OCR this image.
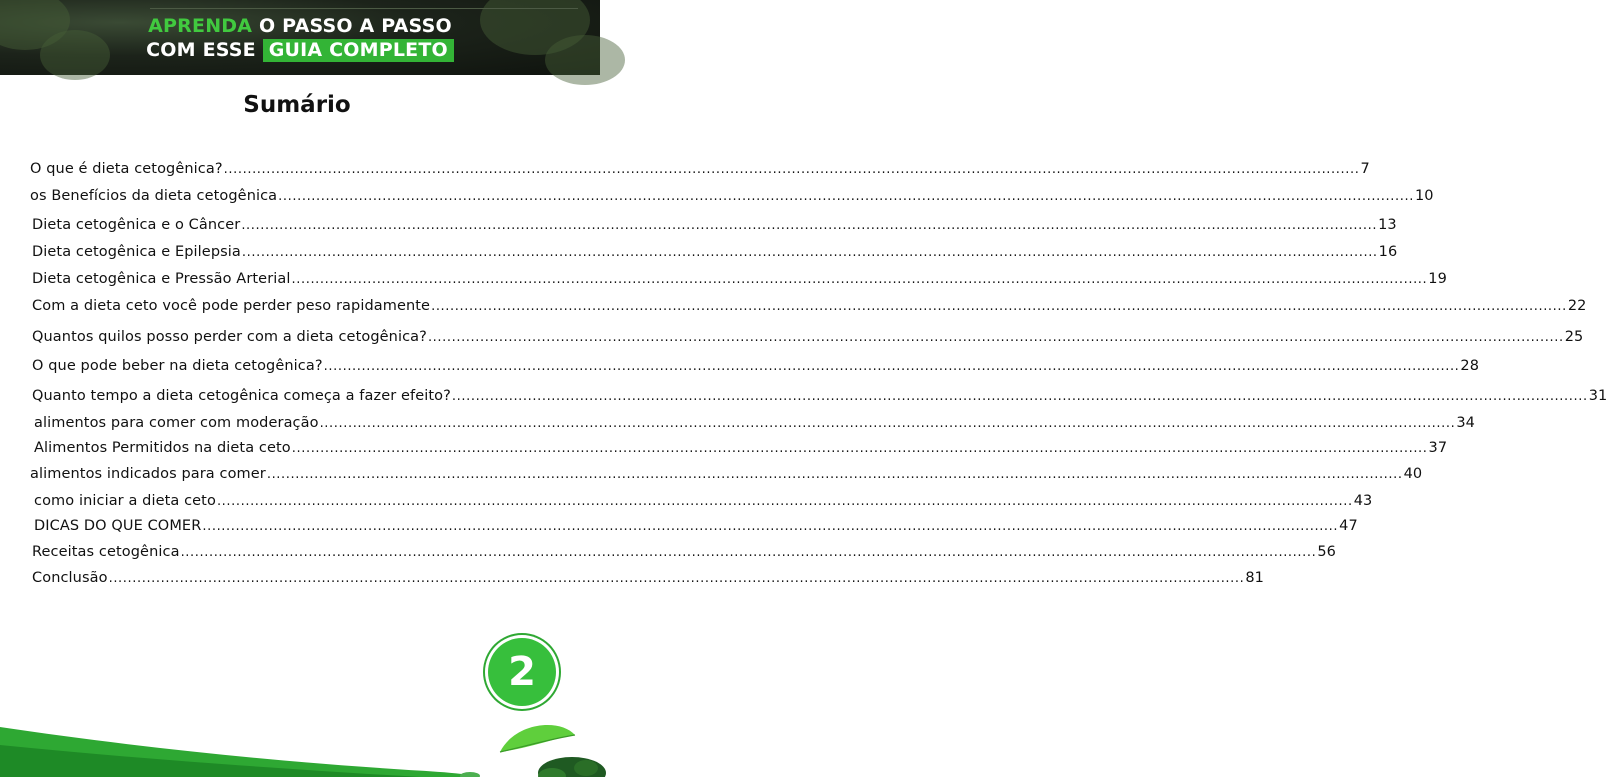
APRENDA O PASSO A PASSO
COM ESSE GUIA COMPLETO
Sumário
O que é dieta cetogênica? ................................................................................................................................................................................................................................................ 7
os Benefícios da dieta cetogênica ................................................................................................................................................................................................................................................ 10
Dieta cetogênica e o Câncer ................................................................................................................................................................................................................................................ 13
Dieta cetogênica e Epilepsia ................................................................................................................................................................................................................................................ 16
Dieta cetogênica e Pressão Arterial ................................................................................................................................................................................................................................................ 19
Com a dieta ceto você pode perder peso rapidamente ................................................................................................................................................................................................................................................ 22
Quantos quilos posso perder com a dieta cetogênica? ................................................................................................................................................................................................................................................ 25
O que pode beber na dieta cetogênica? ................................................................................................................................................................................................................................................ 28
Quanto tempo a dieta cetogênica começa a fazer efeito? ................................................................................................................................................................................................................................................ 31
alimentos para comer com moderação ................................................................................................................................................................................................................................................ 34
Alimentos Permitidos na dieta ceto ................................................................................................................................................................................................................................................ 37
alimentos indicados para comer ................................................................................................................................................................................................................................................ 40
como iniciar a dieta ceto ................................................................................................................................................................................................................................................ 43
DICAS DO QUE COMER ................................................................................................................................................................................................................................................ 47
Receitas cetogênica ................................................................................................................................................................................................................................................ 56
Conclusão ................................................................................................................................................................................................................................................ 81
2
